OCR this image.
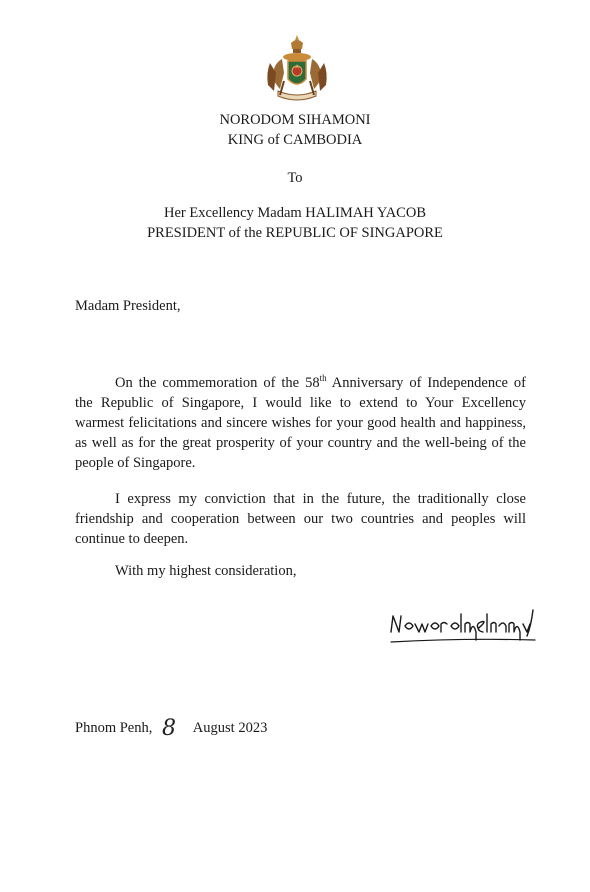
NORODOM SIHAMONI
KING of CAMBODIA
To
Her Excellency Madam HALIMAH YACOB
PRESIDENT of the REPUBLIC OF SINGAPORE
Madam President,

On the commemoration of the 58th Anniversary of Independence of the Republic of Singapore, I would like to extend to Your Excellency warmest felicitations and sincere wishes for your good health and happiness, as well as for the great prosperity of your country and the well-being of the people of Singapore.

I express my conviction that in the future, the traditionally close friendship and cooperation between our two countries and peoples will continue to deepen.

With my highest consideration,
Phnom Penh, 8 August 2023
